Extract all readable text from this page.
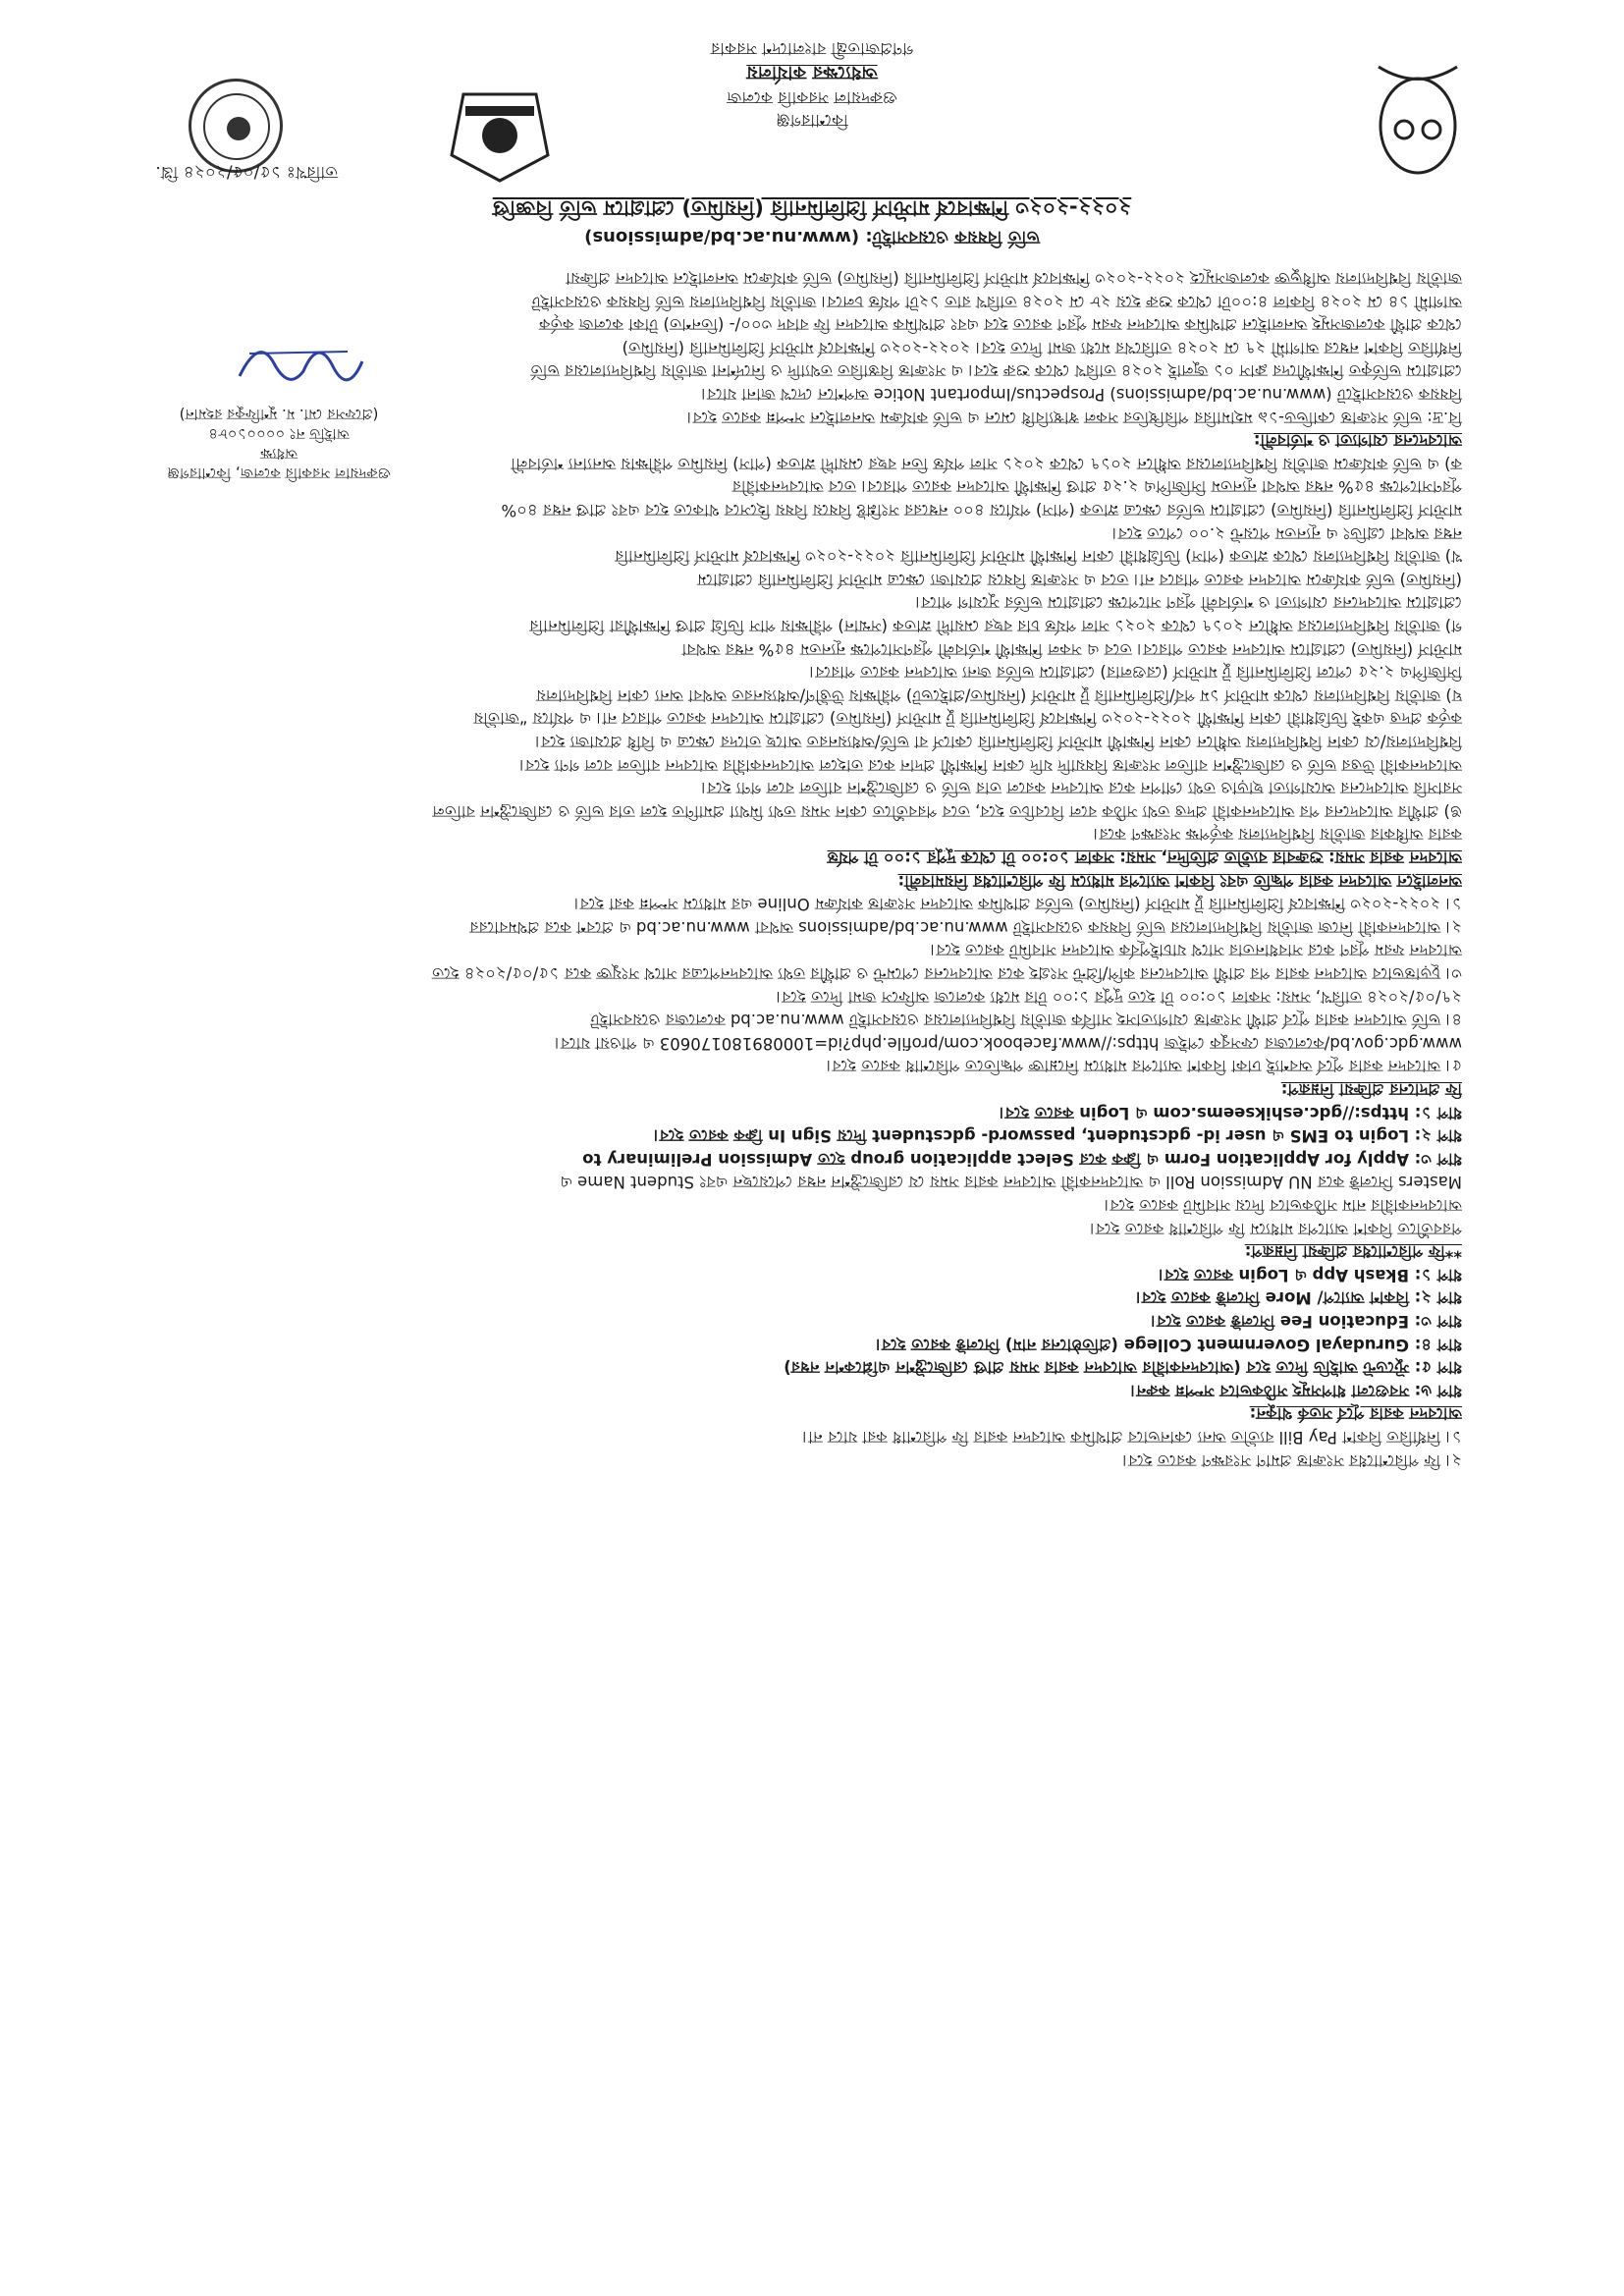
গণপ্রজাতন্ত্রী বাংলাদেশ সরকার
অধ্যক্ষের কার্যালয়
গুরুদয়াল সরকারি কলেজ
কিশোরগঞ্জ
তারিখঃ ১৫/০৫/২০২৪ খ্রি.
২০২২-২০২৩ শিক্ষাবর্ষে মাস্টার্স প্রিলিমিনারি (নিয়মিত) প্রোগ্রামে ভর্তি বিজ্ঞপ্তি
ভর্তি বিষয়ক ওয়েবসাইট: (www.nu.ac.bd/admissions)
জাতীয় বিশ্ববিদ্যালয় অধিভুক্ত কলেজসমূহে ২০২২-২০২৩ শিক্ষাবর্ষে মাস্টার্স প্রিলিমিনারি (নিয়মিত) ভর্তি কার্যক্রমে অনলাইনে আবেদন প্রক্রিয়া
আগামী ১৪ মে ২০২৪ বিকাল ৪:০০টা থেকে শুরু হয়ে ২৮ মে ২০২৪ তারিখ রাত ১২টা পর্যন্ত চলবে। জাতীয় বিশ্ববিদ্যালয় ভর্তি বিষয়ক ওয়েবসাইট
থেকে প্রার্থী কলেজসমূহ অনলাইনে প্রাথমিক আবেদন ফরম পূরণ করতে হবে এবং প্রাথমিক আবেদন ফি বাবদ ৩০০/- (তিনশত) টাকা কলেজ কর্তৃক
নির্ধারিত বিকাশ নম্বরে আগামী ২৭ মে ২০২৪ তারিখের মধ্যে জমা দিতে হবে। ২০২২-২০২৩ শিক্ষাবর্ষে মাস্টার্স প্রিলিমিনারি (নিয়মিত)
প্রোগ্রামে ভর্তিকৃত শিক্ষার্থীদের ক্লাস ০১ জুলাই ২০২৪ তারিখ থেকে শুরু হবে। এ সংক্রান্ত বিস্তারিত তথ্যাদি ও নির্দেশনা জাতীয় বিশ্ববিদ্যালয়ের ভর্তি
বিষয়ক ওয়েবসাইটে (www.nu.ac.bd/admissions) Prospectus/Important Notice অপশনে দেখে জানা যাবে।
বি.দ্র: ভর্তি সংক্রান্ত কোভিড-১৯ মহামারির পরিস্থিতির সকল স্বাস্থ্যবিধি মেনে এ ভর্তি কার্যক্রম অনলাইনে সম্পন্ন করতে হবে।
আবেদনের যোগ্যতা ও শর্তাবলী:
ক) এ ভর্তি কার্যক্রমে জাতীয় বিশ্ববিদ্যালয়ের অধীনে ২০১৭ থেকে ২০২১ সাল পর্যন্ত তিন বছর মেয়াদী স্নাতক (পাস) নিয়মিত পরীক্ষায় অন্যান্য শর্তাবলী
পূরণসাপেক্ষে ৪৫% নম্বর অথবা ন্যূনতম সিজিপিএ ২.২৫ প্রাপ্ত শিক্ষার্থী আবেদন করতে পারবে। তবে আবেদনকারীর
মাস্টার্স প্রিলিমিনারি (নিয়মিত) প্রোগ্রামে ভর্তির ক্ষেত্রে স্নাতক (পাস) পর্যায়ে ৪০০ নম্বরের সংশ্লিষ্ট বিষয়ে বিষয় হিসেবে থাকতে হবে এবং প্রাপ্ত নম্বর ৪০%
নম্বর অথবা গ্রেডিং এ ন্যূনতম পয়েন্ট ২.০০ পেতে হবে।
খ) জাতীয় বিশ্ববিদ্যালয় থেকে স্নাতক (পাস) ডিগ্রিধারী কোন শিক্ষার্থী মাস্টার্স প্রিলিমিনারি ২০২২-২০২৩ শিক্ষাবর্ষে মাস্টার্স প্রিলিমিনারি
(নিয়মিত) ভর্তি কার্যক্রমে আবেদন করতে পারবে না। তবে এ সংক্রান্ত বিষয়ে প্রযোজ্য ক্ষেত্রে মাস্টার্স প্রিলিমিনারি প্রোগ্রামে
প্রোগ্রামে আবেদনের যোগ্যতা ও শর্তাবলী পূরণ সাপেক্ষে প্রোগ্রামে ভর্তির সুযোগ পাবে।
গ) জাতীয় বিশ্ববিদ্যালয়ের অধীনে ২০১৭ থেকে ২০২১ সাল পর্যন্ত চার বছর মেয়াদী স্নাতক (সম্মান) পরীক্ষায় পাস ডিগ্রি প্রাপ্ত শিক্ষার্থীরা প্রিলিমিনারি
মাস্টার্স (নিয়মিত) প্রোগ্রামে আবেদন করতে পারবে। তবে এ সকল শিক্ষার্থী শর্তাবলী পূরণসাপেক্ষে ন্যূনতম ৪৫% নম্বর অথবা
সিজিপিএ ২.২৫ পেলে প্রিলিমিনারি টু মাস্টার্স (রেগুলার) প্রোগ্রামে ভর্তির জন্য আবেদন করতে পারবে।
ঘ) জাতীয় বিশ্ববিদ্যালয় থেকে মাস্টার্স ১ম পর্ব/প্রিলিমিনারি টু মাস্টার্স (নিয়মিত/প্রাইভেট) পরীক্ষায় উত্তীর্ণ/অধ্যয়নরত অথবা অন্য কোন বিশ্ববিদ্যালয়
কর্তৃক প্রদত্ত একই ডিগ্রিধারী কোন শিক্ষার্থী ২০২২-২০২৩ শিক্ষাবর্ষে প্রিলিমিনারি টু মাস্টার্স (নিয়মিত) প্রোগ্রামে আবেদন করতে পারবে না। এ পর্যায়ে “জাতীয়
বিশ্ববিদ্যালয়/যে কোন বিশ্ববিদ্যালয় অধীনে কোন শিক্ষার্থী মাস্টার্স প্রিলিমিনারি কোর্সে বা ভর্তি/অধ্যয়নরত আছে তাদের ক্ষেত্রে এ বিধি প্রযোজ্য হবে।
আবেদনকারী উত্তর ভর্তি ও রেজিস্ট্রেশন বাতিল সংক্রান্ত বিষয়াদি যদি কোন শিক্ষার্থী প্রদান করে তাহলে আবেদনকারীর আবেদন বাতিল বলে গণ্য হবে।
সরাসরি আবেদনের অযোগ্যতা ছাড়াও তথ্য গোপন করে আবেদন করলে তার ভর্তি ও রেজিস্ট্রেশন বাতিল বলে গণ্য হবে।
ঙ) প্রার্থীর আবেদনের পর আবেদনকারী প্রদত্ত তথ্য সঠিক বলে বিবেচিত হবে, তবে পরবর্তীতে কোন সময় তথ্য মিথ্যা প্রমাণিত হলে তার ভর্তি ও রেজিস্ট্রেশন বাতিল
করার অধিকার জাতীয় বিশ্ববিদ্যালয় কর্তৃপক্ষ সংরক্ষণ করে।
আবেদন করার সময়: শুক্রবার ব্যতীত প্রতিদিন, সময়: সকাল ১০:০০ টা থেকে দুপুর ১:০০ টা পর্যন্ত
অনলাইনে আবেদন করার পদ্ধতি এবং বিকাশ অ্যাপের মাধ্যমে ফি পরিশোধের নিয়মাবলী:
১। ২০২২-২০২৩ শিক্ষাবর্ষে প্রিলিমিনারি টু মাস্টার্স (নিয়মিত) ভর্তির প্রাথমিক আবেদন সংক্রান্ত কার্যক্রম Online এর মাধ্যমে সম্পন্ন করা হবে।
২। আবেদনকারী নিজে জাতীয় বিশ্ববিদ্যালয়ের ভর্তি বিষয়ক ওয়েবসাইট www.nu.ac.bd/admissions অথবা www.nu.ac.bd এ প্রবেশ করে প্রথমবারের
আবেদন ফরম পূরণ করে সাবধানতার সাথে যাচাইপূর্বক আবেদন সাবমিট করতে হবে।
৩। চূড়ান্তভাবে আবেদন করার পর প্রার্থী আবেদনের কপি/প্রিন্ট সংগ্রহ করে আবেদনের পেমেন্ট ও প্রার্থীর তথ্য আবেদনপত্রের সাথে সংযুক্ত করে ১৫/০৫/২০২৪ হতে
২৭/০৫/২০২৪ তারিখ, সময়: সকাল ১০:০০ টা হতে দুপুর ১:০০ টার মধ্যে কলেজে অফিসে জমা দিতে হবে।
৪। ভর্তি আবেদন করার পূর্বে প্রার্থী সংক্রান্ত যোগ্যতাসহ সার্বিক জাতীয় বিশ্ববিদ্যালয়ের ওয়েবসাইট www.nu.ac.bd কলেজের ওয়েবসাইট
www.gdc.gov.bd/কলেজের ফেসবুক পেইজ https://www.facebook.com/profile.php?id=100089180170603 এ পাওয়া যাবে।
৫। আবেদন করার পূর্বে অবশ্যই ঢাকা বিকাশ অ্যাপের মাধ্যমে নিম্নোক্ত পদ্ধতিতে পরিশোধ করতে হবে।
ফি প্রদানের প্রক্রিয়া নিম্নরূপ:
ধাপ ১: https://gdc.eshikseems.com এ Login করতে হবে।
ধাপ ২: Login to EMS এ user id- gdcstudent, password- gdcstudent দিয়ে Sign In ক্লিক করতে হবে।
ধাপ ৩: Apply for Application Form এ ক্লিক করে Select application group হতে Admission Preliminary to
Masters সিলেক্ট করে NU Admission Roll এ আবেদনকারী আবেদন করার সময় যে রেজিস্ট্রেশন নম্বর পেয়েছেন এবং Student Name এ
আবেদনকারীর নাম সঠিকভাবে দিয়ে সাবমিট করতে হবে।
পরবর্তীতে বিকাশ অ্যাপের মাধ্যমে ফি পরিশোধ করতে হবে।
**ফি পরিশোধের প্রক্রিয়া নিম্নরূপ:
ধাপ ১: Bkash App এ Login করতে হবে।
ধাপ ২: বিকাশ অ্যাপে/ More সিলেক্ট করতে হবে।
ধাপ ৩: Education Fee সিলেক্ট করতে হবে।
ধাপ ৪: Gurudayal Government College (প্রতিষ্ঠানের নাম) সিলেক্ট করতে হবে।
ধাপ ৫: স্টুডেন্ট আইডি দিতে হবে (আবেদনকারীর আবেদন করার সময় প্রাপ্ত রেজিস্ট্রেশন এপ্লিকেশন নম্বর)
ধাপ ৬: সবগুলো ধাপসমূহ সঠিকভাবে সম্পন্ন করুন।
আবেদন করার পূর্বে সতর্ক থাকুন:
১। নির্ধারিত বিকাশ Pay Bill ব্যতীত অন্য কোনভাবে প্রাথমিক আবেদন করার ফি পরিশোধ করা যাবে না।
২। ফি পরিশোধের সংক্রান্ত প্রমাণ সংরক্ষণ করতে হবে।
(প্রফেসর মো. ম. মুশফিকুর রহমান)
আইডি নং ০০০০১০৮৪
অধ্যক্ষ
গুরুদয়াল সরকারি কলেজ, কিশোরগঞ্জ
